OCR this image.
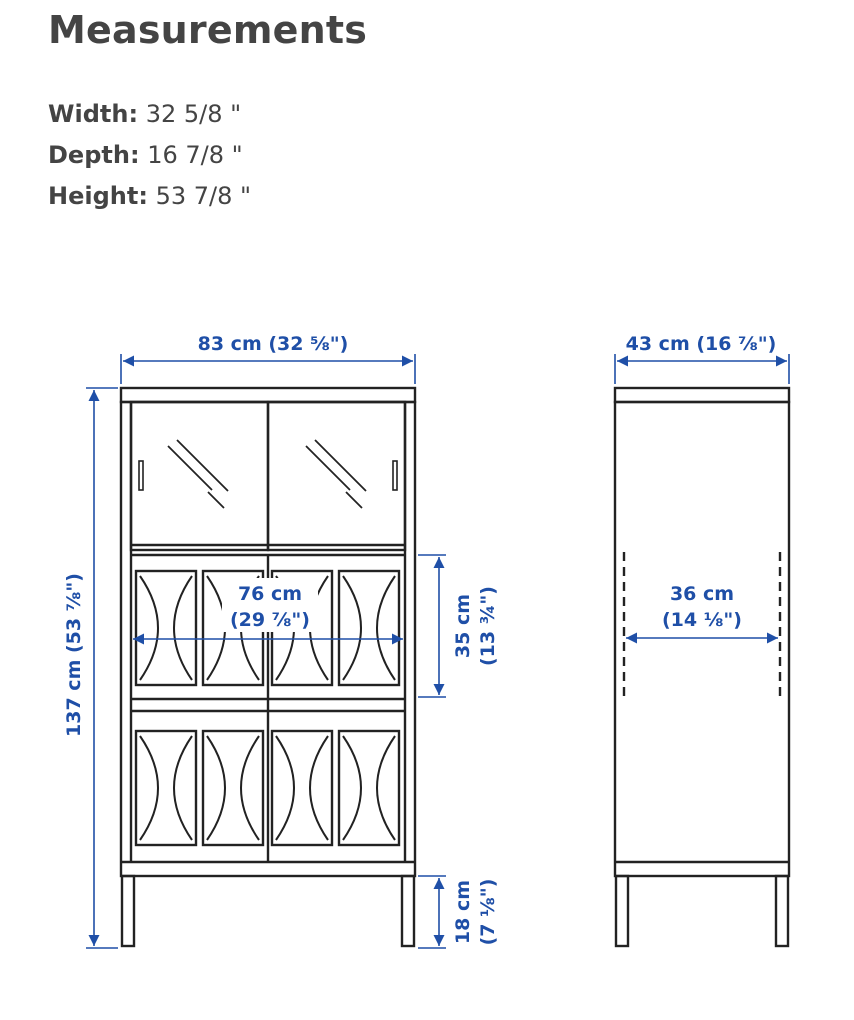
Measurements
Width: 32 5/8 "
Depth: 16 7/8 "
Height: 53 7/8 "
83 cm (32 ⅝")	43 cm (16 ⅞")
137 cm (53 ⅞")	76 cm
(29 ⅞")	35 cm (13 ¾")
18 cm (7 ⅛")
36 cm
(14 ⅛")
